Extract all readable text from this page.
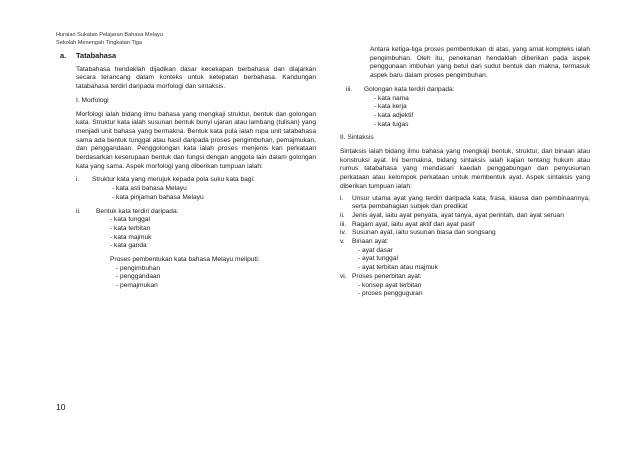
Huraian Sukatan Pelajaran Bahasa Melayu
Sekolah Menengah Tingkatan Tiga
a. Tatabahasa
Tatabahasa hendaklah dijadikan dasar kecekapan berbahasa dan diajarkan secara terancang dalam konteks untuk ketepatan berbahasa. Kandungan tatabahasa terdiri daripada morfologi dan sintaksis.
I. Morfologi
Morfologi ialah bidang ilmu bahasa yang mengkaji struktur, bentuk dan golongan kata. Struktur kata ialah susunan bentuk bunyi ujaran atau lambang (tulisan) yang menjadi unit bahasa yang bermakna. Bentuk kata pula ialah rupa unit tatabahasa sama ada bentuk tunggal atau hasil daripada proses pengimbuhan, pemajmukan, dan penggandaan. Penggolongan kata ialah proses menjenis kan perkataan berdasarkan keserupaan bentuk dan fungsi dengan anggota lain dalam golongan kata yang sama. Aspek morfologi yang diberikan tumpuan ialah:
i.	Struktur kata yang merujuk kepada pola suku kata bagi:
- kata asli bahasa Melayu
- kata pinjaman bahasa Melayu
ii.	Bentuk kata terdiri daripada:
- kata tunggal
- kata terbitan
- kata majmuk
- kata ganda
Proses pembentukan kata bahasa Melayu meliputi:
- pengimbuhan
- penggandaan
- pemajmukan
Antara ketiga-tiga proses pembentukan di atas, yang amat kompleks ialah pengimbuhan. Oleh itu, penekanan hendaklah diberikan pada aspek penggunaan imbuhan yang betul dari sudut bentuk dan makna, termasuk aspek baru dalam proses pengimbuhan.
iii.	Golongan kata terdiri daripada:
- kata nama
- kata kerja
- kata adjektif
- kata tugas
II. Sintaksis
Sintaksis ialah bidang ilmu bahasa yang mengkaji bentuk, struktur, dan binaan atau konstruksi ayat. Ini bermakna, bidang sintaksis ialah kajian tentang hukum atau rumus tatabahasa yang mendasari kaedah penggabungan dan penyusunan perkataan atau kelompok perkataan untuk membentuk ayat. Aspek sintaksis yang diberikan tumpuan ialah:
i.	Unsur utama ayat yang terdiri daripada kata, frasa, klausa dan pembinaannya, serta pembahagian subjek dan predikat
ii.	Jenis ayat, iaitu ayat penyata, ayat tanya, ayat perintah, dan ayat seruan
iii. Ragam ayat, iaitu ayat aktif dan ayat pasif
iv. Susunan ayat, iaitu susunan biasa dan songsang
v.	Binaan ayat:
- ayat dasar
- ayat tunggal
- ayat terbitan atau majmuk
vi. Proses penerbitan ayat:
- konsep ayat terbitan
- proses pengguguran
10
